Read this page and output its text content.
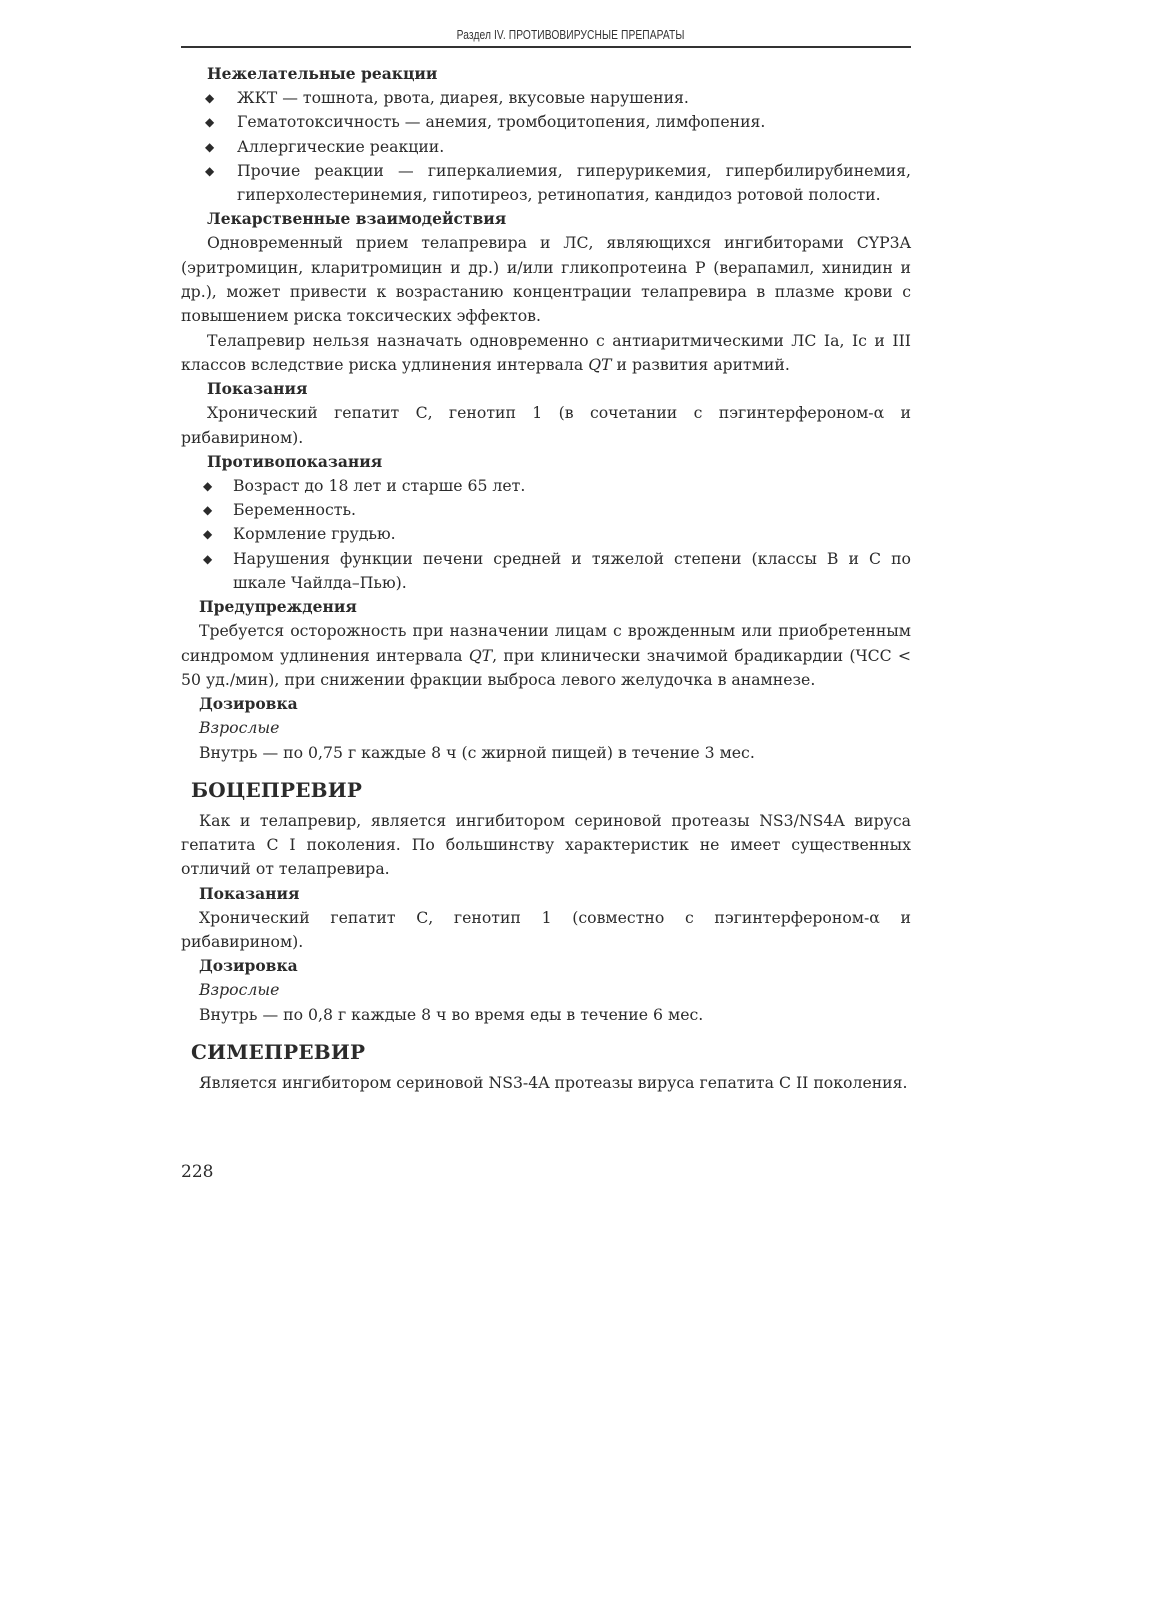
Раздел IV. ПРОТИВОВИРУСНЫЕ ПРЕПАРАТЫ
Нежелательные реакции
◆ ЖКТ — тошнота, рвота, диарея, вкусовые нарушения.
◆ Гематотоксичность — анемия, тромбоцитопения, лимфопения.
◆ Аллергические реакции.
◆ Прочие реакции — гиперкалиемия, гиперурикемия, гипербилирубинемия, гиперхолестеринемия, гипотиреоз, ретинопатия, кандидоз ротовой полости.
Лекарственные взаимодействия

Одновременный прием телапревира и ЛС, являющихся ингибиторами CYP3A (эритромицин, кларитромицин и др.) и/или гликопротеина P (верапамил, хинидин и др.), может привести к возрастанию концентрации телапревира в плазме крови с повышением риска токсических эффектов.

Телапревир нельзя назначать одновременно с антиаритмическими ЛС Ia, Ic и III классов вследствие риска удлинения интервала QT и развития аритмий.

Показания

Хронический гепатит С, генотип 1 (в сочетании с пэгинтерфероном-α и рибавирином).

Противопоказания
◆ Возраст до 18 лет и старше 65 лет.
◆ Беременность.
◆ Кормление грудью.
◆ Нарушения функции печени средней и тяжелой степени (классы B и C по шкале Чайлда–Пью).
Предупреждения

Требуется осторожность при назначении лицам с врожденным или приобретенным синдромом удлинения интервала QT, при клинически значимой брадикардии (ЧСС < 50 уд./мин), при снижении фракции выброса левого желудочка в анамнезе.

Дозировка

Взрослые

Внутрь — по 0,75 г каждые 8 ч (с жирной пищей) в течение 3 мес.

БОЦЕПРЕВИР

Как и телапревир, является ингибитором сериновой протеазы NS3/NS4A вируса гепатита С I поколения. По большинству характеристик не имеет существенных отличий от телапревира.

Показания

Хронический гепатит С, генотип 1 (совместно с пэгинтерфероном-α и рибавирином).

Дозировка

Взрослые

Внутрь — по 0,8 г каждые 8 ч во время еды в течение 6 мес.

СИМЕПРЕВИР

Является ингибитором сериновой NS3-4A протеазы вируса гепатита С II поколения.

228
